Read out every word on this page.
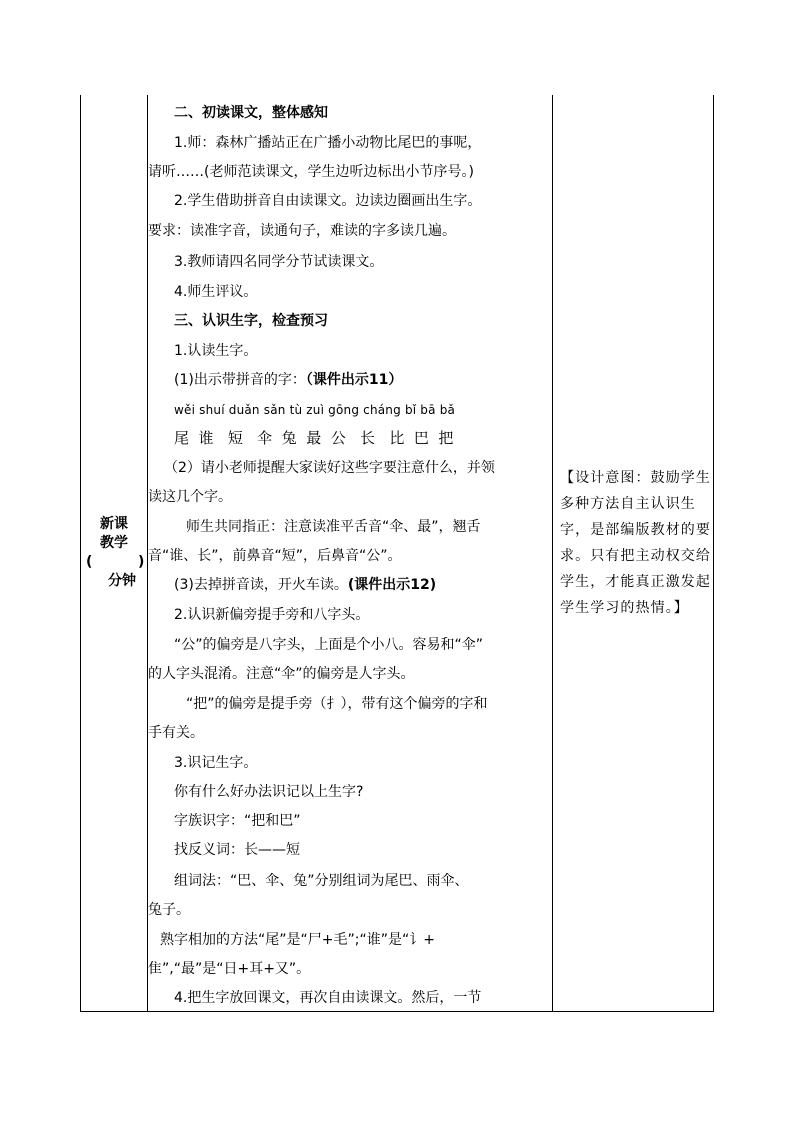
新课
教学
(	)
分钟
二、初读课文，整体感知
1.师：森林广播站正在广播小动物比尾巴的事呢，
请听……(老师范读课文，学生边听边标出小节序号。)
2.学生借助拼音自由读课文。边读边圈画出生字。
要求：读准字音，读通句子，难读的字多读几遍。
3.教师请四名同学分节试读课文。
4.师生评议。
三、认识生字，检查预习
1.认读生字。
(1)出示带拼音的字：（课件出示11）
wěi shuí duǎn sǎn tù zuì gōng cháng bǐ bā bǎ
尾  谁   短   伞  兔  最  公   长   比  巴  把
（2）请小老师提醒大家读好这些字要注意什么，并领
读这几个字。
师生共同指正：注意读准平舌音“伞、最”，翘舌
音“谁、长”，前鼻音“短”，后鼻音“公”。
(3)去掉拼音读，开火车读。(课件出示12)
2.认识新偏旁提手旁和八字头。
“公”的偏旁是八字头，上面是个小八。容易和“伞”
的人字头混淆。注意“伞”的偏旁是人字头。
“把”的偏旁是提手旁（扌），带有这个偏旁的字和
手有关。
3.识记生字。
你有什么好办法识记以上生字?
字族识字：“把和巴”
找反义词：长——短
组词法：“巴、伞、兔”分别组词为尾巴、雨伞、
兔子。
熟字相加的方法“尾”是“尸+毛”;“谁”是“讠+
隹”,“最”是“日+耳+又”。
4.把生字放回课文，再次自由读课文。然后，一节
【设计意图：鼓励学生
多种方法自主认识生
字，是部编版教材的要
求。只有把主动权交给
学生，才能真正激发起
学生学习的热情。】
